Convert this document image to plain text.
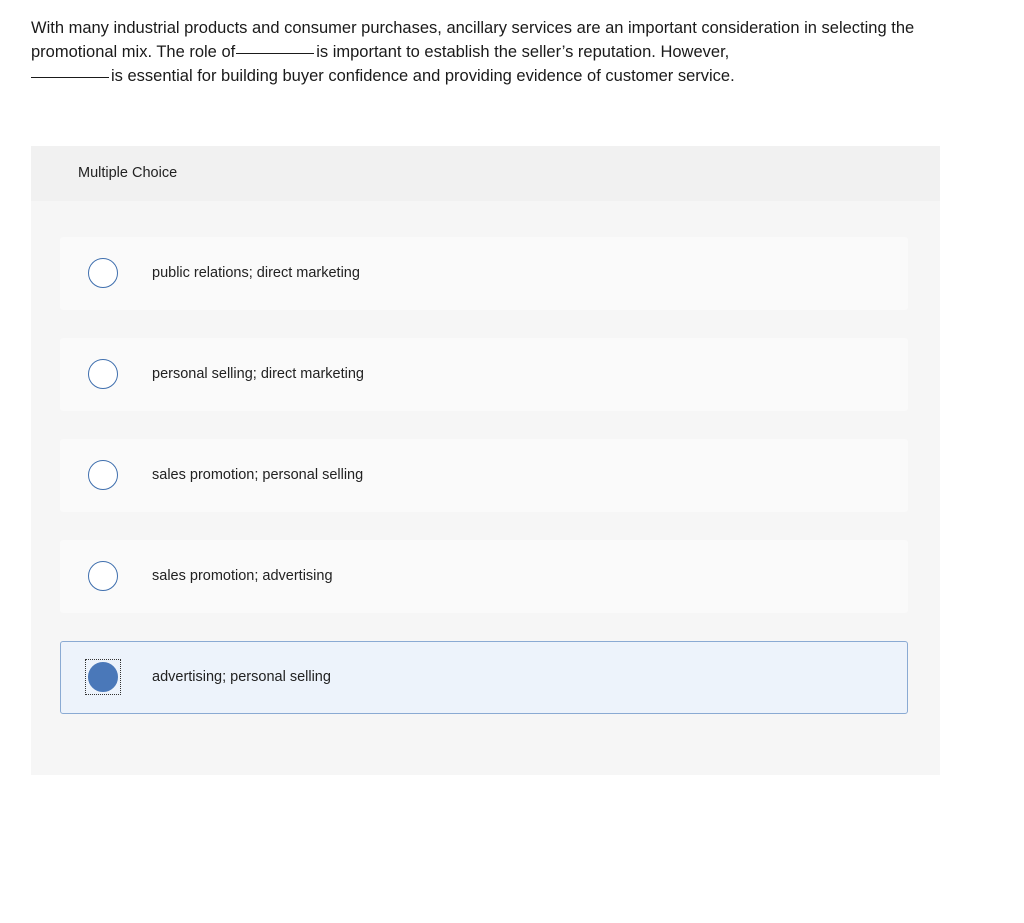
With many industrial products and consumer purchases, ancillary services are an important consideration in selecting the promotional mix. The role of	is important to establish the seller’s reputation. However,
is essential for building buyer confidence and providing evidence of customer service.
Multiple Choice
public relations; direct marketing
personal selling; direct marketing
sales promotion; personal selling
sales promotion; advertising
advertising; personal selling
